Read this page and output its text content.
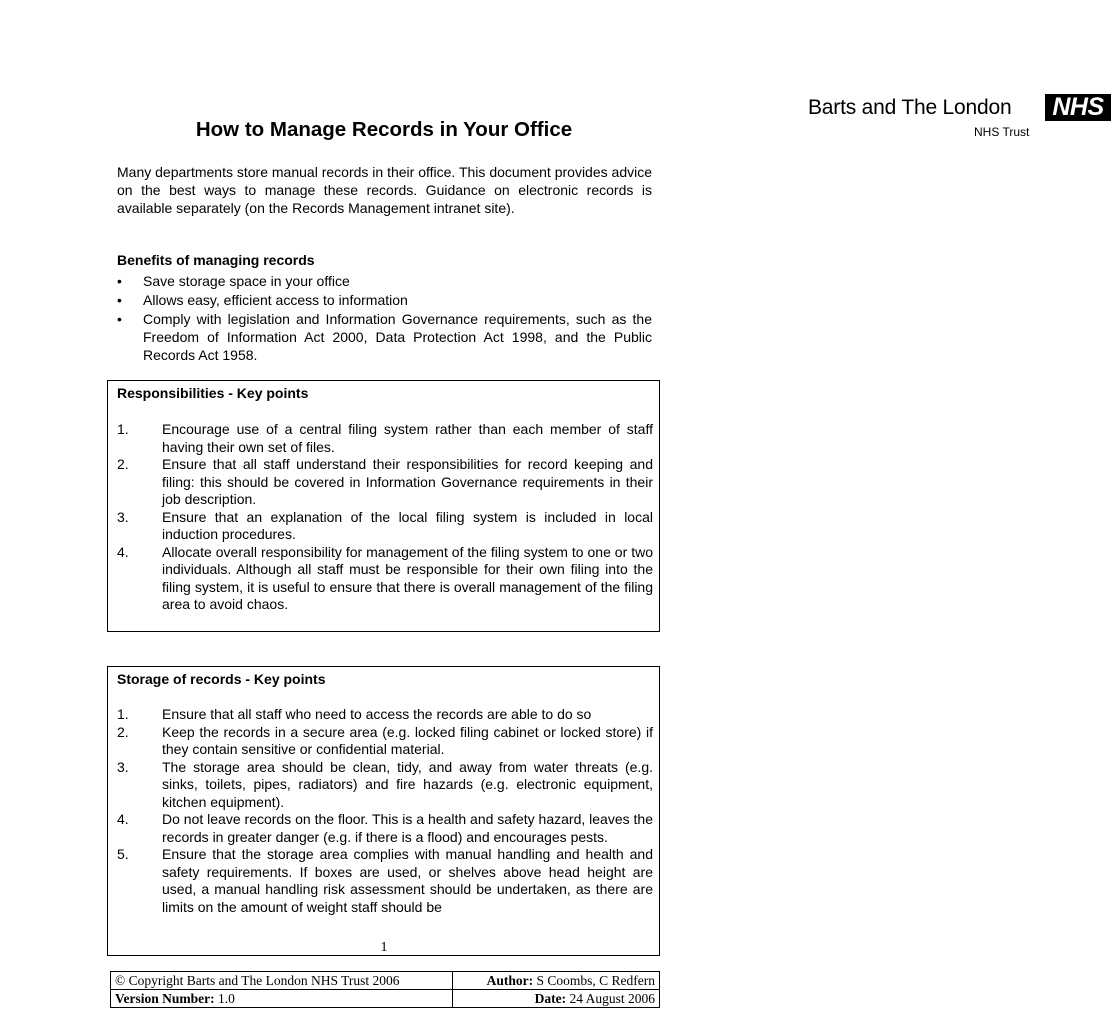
Barts and The London NHS
NHS Trust
How to Manage Records in Your Office
Many departments store manual records in their office. This document provides advice on the best ways to manage these records. Guidance on electronic records is available separately (on the Records Management intranet site).
Benefits of managing records
• Save storage space in your office
• Allows easy, efficient access to information
• Comply with legislation and Information Governance requirements, such as the Freedom of Information Act 2000, Data Protection Act 1998, and the Public Records Act 1958.
Responsibilities - Key points
1. Encourage use of a central filing system rather than each member of staff having their own set of files.
2. Ensure that all staff understand their responsibilities for record keeping and filing: this should be covered in Information Governance requirements in their job description.
3. Ensure that an explanation of the local filing system is included in local induction procedures.
4. Allocate overall responsibility for management of the filing system to one or two individuals. Although all staff must be responsible for their own filing into the filing system, it is useful to ensure that there is overall management of the filing area to avoid chaos.
Storage of records - Key points
1. Ensure that all staff who need to access the records are able to do so
2. Keep the records in a secure area (e.g. locked filing cabinet or locked store) if they contain sensitive or confidential material.
3. The storage area should be clean, tidy, and away from water threats (e.g. sinks, toilets, pipes, radiators) and fire hazards (e.g. electronic equipment, kitchen equipment).
4. Do not leave records on the floor. This is a health and safety hazard, leaves the records in greater danger (e.g. if there is a flood) and encourages pests.
5. Ensure that the storage area complies with manual handling and health and safety requirements. If boxes are used, or shelves above head height are used, a manual handling risk assessment should be undertaken, as there are limits on the amount of weight staff should be
1
© Copyright Barts and The London NHS Trust 2006	Author: S Coombs, C Redfern
Version Number: 1.0	Date: 24 August 2006
